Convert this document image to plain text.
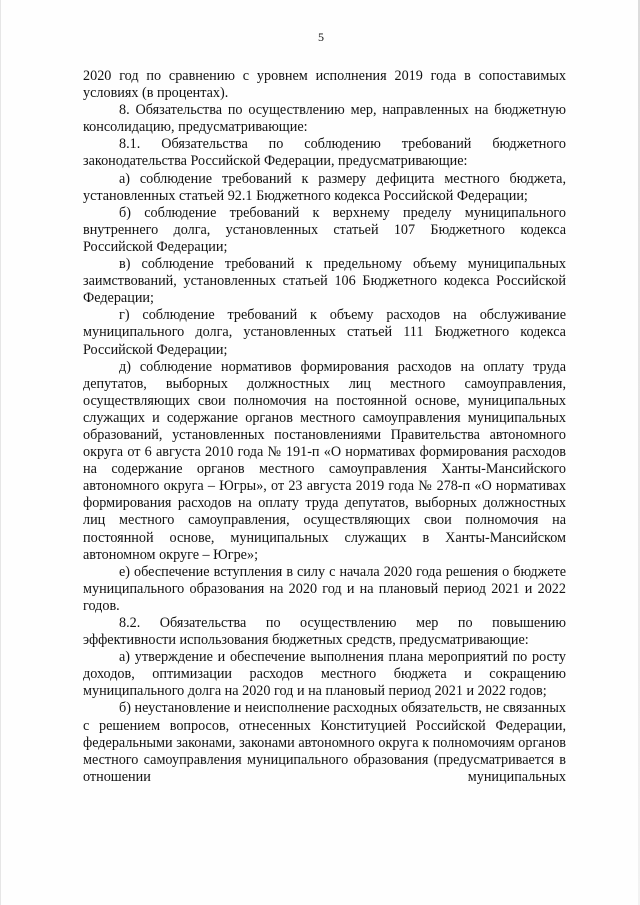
5

2020 год по сравнению с уровнем исполнения 2019 года в сопоставимых условиях (в процентах).

8. Обязательства по осуществлению мер, направленных на бюджетную консолидацию, предусматривающие:

8.1. Обязательства по соблюдению требований бюджетного законодательства Российской Федерации, предусматривающие:

а) соблюдение требований к размеру дефицита местного бюджета, установленных статьей 92.1 Бюджетного кодекса Российской Федерации;

б) соблюдение требований к верхнему пределу муниципального внутреннего долга, установленных статьей 107 Бюджетного кодекса Российской Федерации;

в) соблюдение требований к предельному объему муниципальных заимствований, установленных статьей 106 Бюджетного кодекса Российской Федерации;

г) соблюдение требований к объему расходов на обслуживание муниципального долга, установленных статьей 111 Бюджетного кодекса Российской Федерации;

д) соблюдение нормативов формирования расходов на оплату труда депутатов, выборных должностных лиц местного самоуправления, осуществляющих свои полномочия на постоянной основе, муниципальных служащих и содержание органов местного самоуправления муниципальных образований, установленных постановлениями Правительства автономного округа от 6 августа 2010 года № 191-п «О нормативах формирования расходов на содержание органов местного самоуправления Ханты-Мансийского автономного округа – Югры», от 23 августа 2019 года № 278-п «О нормативах формирования расходов на оплату труда депутатов, выборных должностных лиц местного самоуправления, осуществляющих свои полномочия на постоянной основе, муниципальных служащих в Ханты-Мансийском автономном округе – Югре»;

е) обеспечение вступления в силу с начала 2020 года решения о бюджете муниципального образования на 2020 год и на плановый период 2021 и 2022 годов.

8.2. Обязательства по осуществлению мер по повышению эффективности использования бюджетных средств, предусматривающие:

а) утверждение и обеспечение выполнения плана мероприятий по росту доходов, оптимизации расходов местного бюджета и сокращению муниципального долга на 2020 год и на плановый период 2021 и 2022 годов;

б) неустановление и неисполнение расходных обязательств, не связанных с решением вопросов, отнесенных Конституцией Российской Федерации, федеральными законами, законами автономного округа к полномочиям органов местного самоуправления муниципального образования (предусматривается в отношении муниципальных
